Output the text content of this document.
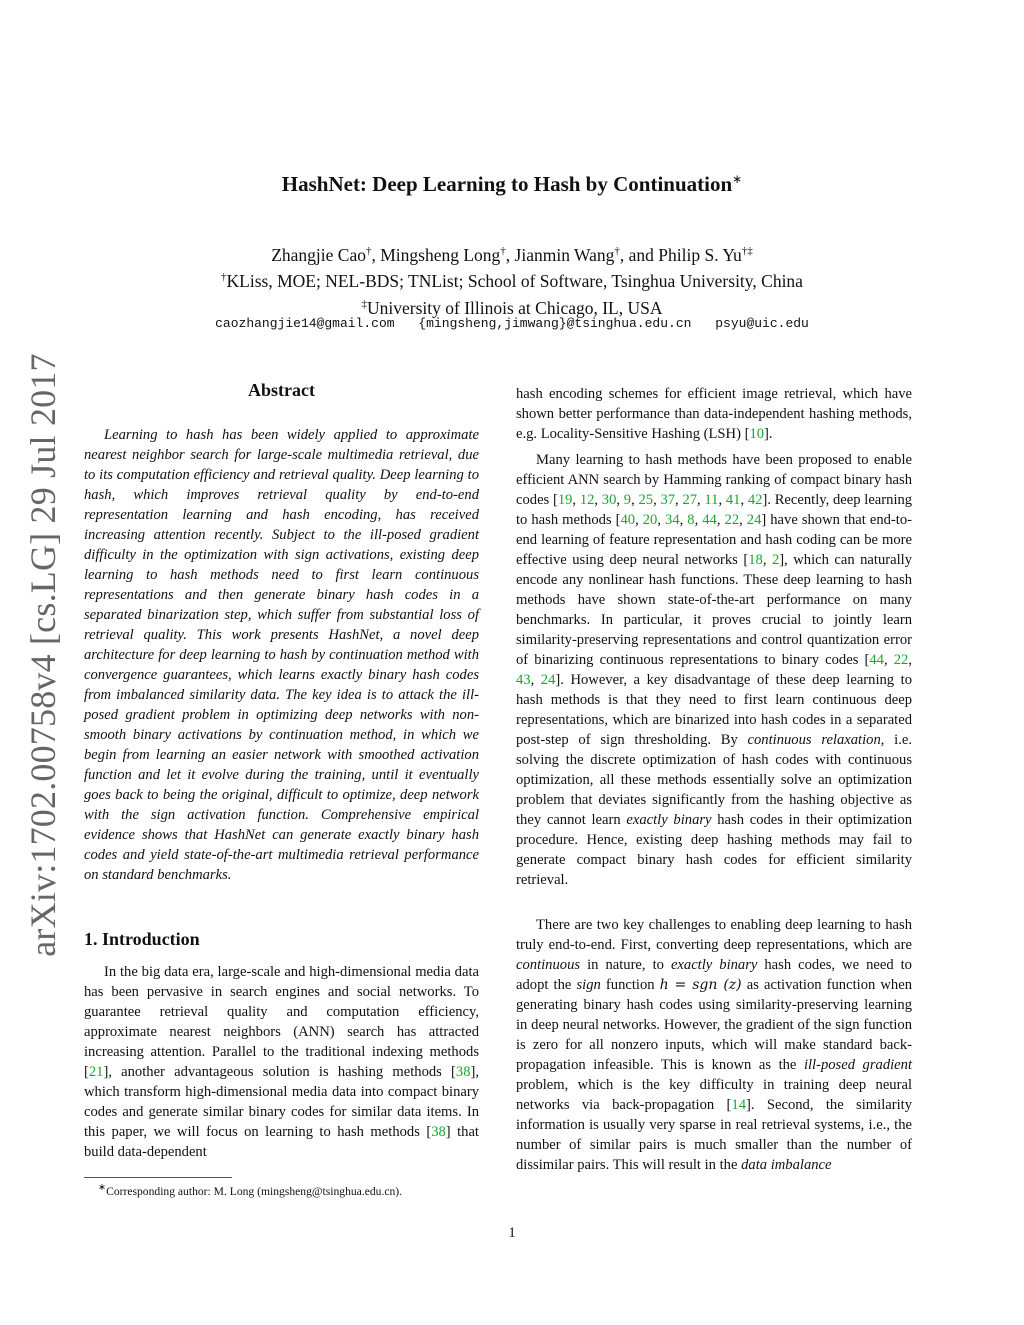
HashNet: Deep Learning to Hash by Continuation∗
Zhangjie Cao†, Mingsheng Long†, Jianmin Wang†, and Philip S. Yu†‡
†KLiss, MOE; NEL-BDS; TNList; School of Software, Tsinghua University, China
‡University of Illinois at Chicago, IL, USA
caozhangjie14@gmail.com {mingsheng,jimwang}@tsinghua.edu.cn psyu@uic.edu
arXiv:1702.00758v4 [cs.LG] 29 Jul 2017	Abstract

Learning to hash has been widely applied to approximate nearest neighbor search for large-scale multimedia retrieval, due to its computation efficiency and retrieval quality. Deep learning to hash, which improves retrieval quality by end-to-end representation learning and hash encoding, has received increasing attention recently. Subject to the ill-posed gradient difficulty in the optimization with sign activations, existing deep learning to hash methods need to first learn continuous representations and then generate binary hash codes in a separated binarization step, which suffer from substantial loss of retrieval quality. This work presents HashNet, a novel deep architecture for deep learning to hash by continuation method with convergence guarantees, which learns exactly binary hash codes from imbalanced similarity data. The key idea is to attack the ill-posed gradient problem in optimizing deep networks with non-smooth binary activations by continuation method, in which we begin from learning an easier network with smoothed activation function and let it evolve during the training, until it eventually goes back to being the original, difficult to optimize, deep network with the sign activation function. Comprehensive empirical evidence shows that HashNet can generate exactly binary hash codes and yield state-of-the-art multimedia retrieval performance on standard benchmarks.

1. Introduction

In the big data era, large-scale and high-dimensional media data has been pervasive in search engines and social networks. To guarantee retrieval quality and computation efficiency, approximate nearest neighbors (ANN) search has attracted increasing attention. Parallel to the traditional indexing methods [21], another advantageous solution is hashing methods [38], which transform high-dimensional media data into compact binary codes and generate similar binary codes for similar data items. In this paper, we will focus on learning to hash methods [38] that build data-dependent

∗Corresponding author: M. Long (mingsheng@tsinghua.edu.cn).

hash encoding schemes for efficient image retrieval, which have shown better performance than data-independent hashing methods, e.g. Locality-Sensitive Hashing (LSH) [10].

Many learning to hash methods have been proposed to enable efficient ANN search by Hamming ranking of compact binary hash codes [19, 12, 30, 9, 25, 37, 27, 11, 41, 42]. Recently, deep learning to hash methods [40, 20, 34, 8, 44, 22, 24] have shown that end-to-end learning of feature representation and hash coding can be more effective using deep neural networks [18, 2], which can naturally encode any nonlinear hash functions. These deep learning to hash methods have shown state-of-the-art performance on many benchmarks. In particular, it proves crucial to jointly learn similarity-preserving representations and control quantization error of binarizing continuous representations to binary codes [44, 22, 43, 24]. However, a key disadvantage of these deep learning to hash methods is that they need to first learn continuous deep representations, which are binarized into hash codes in a separated post-step of sign thresholding. By continuous relaxation, i.e. solving the discrete optimization of hash codes with continuous optimization, all these methods essentially solve an optimization problem that deviates significantly from the hashing objective as they cannot learn exactly binary hash codes in their optimization procedure. Hence, existing deep hashing methods may fail to generate compact binary hash codes for efficient similarity retrieval.

There are two key challenges to enabling deep learning to hash truly end-to-end. First, converting deep representations, which are continuous in nature, to exactly binary hash codes, we need to adopt the sign function h = sgn (z) as activation function when generating binary hash codes using similarity-preserving learning in deep neural networks. However, the gradient of the sign function is zero for all nonzero inputs, which will make standard back-propagation infeasible. This is known as the ill-posed gradient problem, which is the key difficulty in training deep neural networks via back-propagation [14]. Second, the similarity information is usually very sparse in real retrieval systems, i.e., the number of similar pairs is much smaller than the number of dissimilar pairs. This will result in the data imbalance

1
